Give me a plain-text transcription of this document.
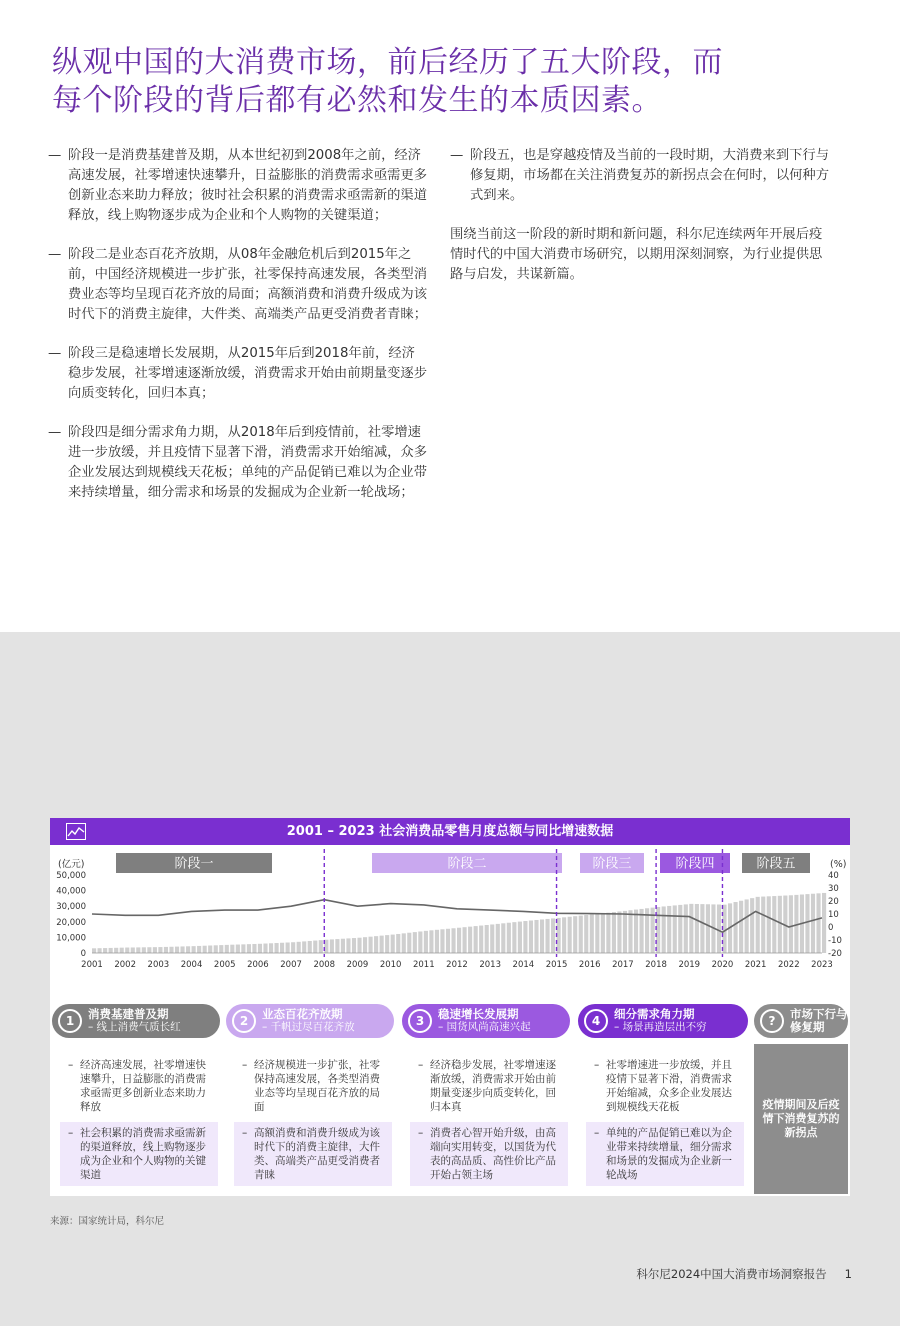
纵观中国的大消费市场，前后经历了五大阶段，而
每个阶段的背后都有必然和发生的本质因素。
— 阶段一是消费基建普及期，从本世纪初到2008年之前，经济高速发展，社零增速快速攀升，日益膨胀的消费需求亟需更多创新业态来助力释放；彼时社会积累的消费需求亟需新的渠道释放，线上购物逐步成为企业和个人购物的关键渠道；
— 阶段二是业态百花齐放期，从08年金融危机后到2015年之前，中国经济规模进一步扩张，社零保持高速发展，各类型消费业态等均呈现百花齐放的局面；高额消费和消费升级成为该时代下的消费主旋律，大件类、高端类产品更受消费者青睐；
— 阶段三是稳速增长发展期，从2015年后到2018年前，经济稳步发展，社零增速逐渐放缓，消费需求开始由前期量变逐步向质变转化，回归本真；
— 阶段四是细分需求角力期，从2018年后到疫情前，社零增速进一步放缓，并且疫情下显著下滑，消费需求开始缩减，众多企业发展达到规模线天花板；单纯的产品促销已难以为企业带来持续增量，细分需求和场景的发掘成为企业新一轮战场；
— 阶段五，也是穿越疫情及当前的一段时期，大消费来到下行与修复期，市场都在关注消费复苏的新拐点会在何时，以何种方式到来。
围绕当前这一阶段的新时期和新问题，科尔尼连续两年开展后疫情时代的中国大消费市场研究，以期用深刻洞察，为行业提供思路与启发，共谋新篇。
2001 – 2023 社会消费品零售月度总额与同比增速数据
阶段一	阶段二	阶段三	阶段四	阶段五
(亿元)	(%)
50,000
40,000
30,000
20,000
10,000
0
40
30
20
10
0
-10
-20
2001 2002 2003 2004 2005 2006 2007 2008 2009 2010 2011 2012 2013 2014 2015 2016 2017 2018 2019 2020 2021 2022 2023
1	消费基建普及期
– 线上消费气质长红	2	业态百花齐放期
– 千帆过尽百花齐放	3	稳速增长发展期
– 国货风尚高速兴起	4	细分需求角力期
– 场景再造层出不穷	?	市场下行与修复期
– 经济高速发展，社零增速快速攀升，日益膨胀的消费需求亟需更多创新业态来助力释放
– 社会积累的消费需求亟需新的渠道释放，线上购物逐步成为企业和个人购物的关键渠道
– 经济规模进一步扩张，社零保持高速发展，各类型消费业态等均呈现百花齐放的局面
– 高额消费和消费升级成为该时代下的消费主旋律，大件类、高端类产品更受消费者青睐
– 经济稳步发展，社零增速逐渐放缓，消费需求开始由前期量变逐步向质变转化，回归本真
– 消费者心智开始升级，由高端向实用转变，以国货为代表的高品质、高性价比产品开始占领主场
– 社零增速进一步放缓，并且疫情下显著下滑，消费需求开始缩减，众多企业发展达到规模线天花板
– 单纯的产品促销已难以为企业带来持续增量，细分需求和场景的发掘成为企业新一轮战场
疫情期间及后疫情下消费复苏的新拐点
来源：国家统计局，科尔尼
科尔尼2024中国大消费市场洞察报告 1
